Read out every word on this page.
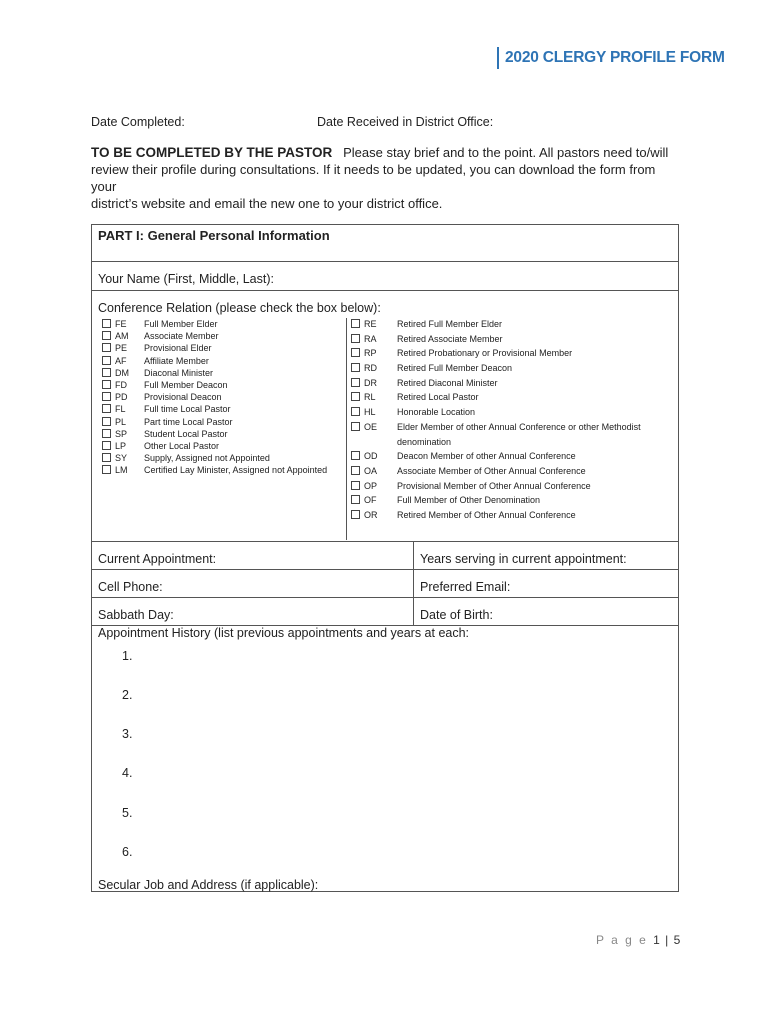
2020 CLERGY PROFILE FORM
Date Completed:	Date Received in District Office:
TO BE COMPLETED BY THE PASTOR Please stay brief and to the point. All pastors need to/will
review their profile during consultations. If it needs to be updated, you can download the form from your
district’s website and email the new one to your district office.
PART I: General Personal Information
Your Name (First, Middle, Last):
Conference Relation (please check the box below):
FE Full Member Elder
AM Associate Member
PE Provisional Elder
AF Affiliate Member
DM Diaconal Minister
FD Full Member Deacon
PD Provisional Deacon
FL Full time Local Pastor
PL Part time Local Pastor
SP Student Local Pastor
LP Other Local Pastor
SY Supply, Assigned not Appointed
LM Certified Lay Minister, Assigned not Appointed
RE Retired Full Member Elder
RA Retired Associate Member
RP Retired Probationary or Provisional Member
RD Retired Full Member Deacon
DR Retired Diaconal Minister
RL Retired Local Pastor
HL Honorable Location
OE Elder Member of other Annual Conference or other Methodist
denomination
OD Deacon Member of other Annual Conference
OA Associate Member of Other Annual Conference
OP Provisional Member of Other Annual Conference
OF Full Member of Other Denomination
OR Retired Member of Other Annual Conference
Current Appointment:	Years serving in current appointment:
Cell Phone:	Preferred Email:
Sabbath Day:	Date of Birth:
Appointment History (list previous appointments and years at each:
1.
2.
3.
4.
5.
6.
Secular Job and Address (if applicable):
P a g e 1 | 5
